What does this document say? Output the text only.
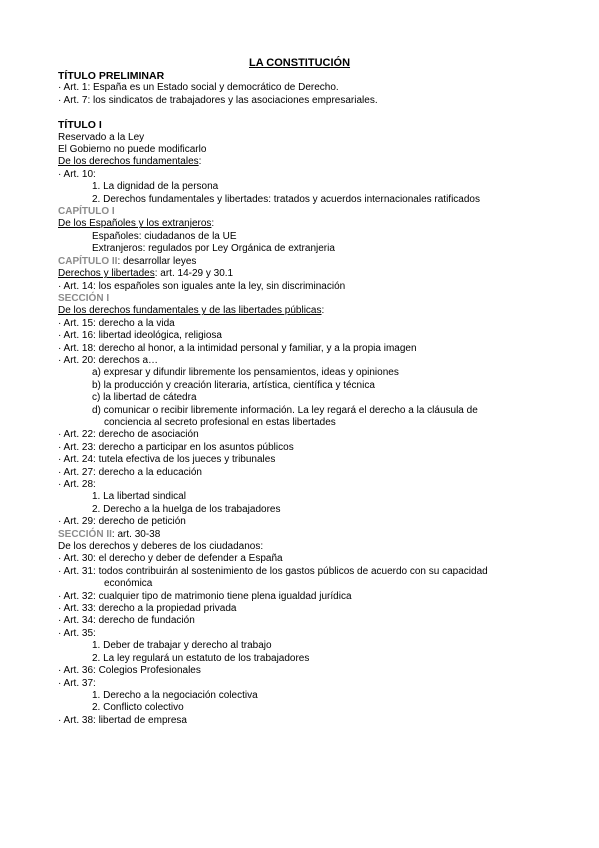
LA CONSTITUCIÓN
TÍTULO PRELIMINAR
· Art. 1: España es un Estado social y democrático de Derecho.
· Art. 7: los sindicatos de trabajadores y las asociaciones empresariales.
TÍTULO I
Reservado a la Ley
El Gobierno no puede modificarlo
De los derechos fundamentales:
· Art. 10:
1. La dignidad de la persona
2. Derechos fundamentales y libertades: tratados y acuerdos internacionales ratificados
CAPÍTULO I
De los Españoles y los extranjeros:
Españoles: ciudadanos de la UE
Extranjeros: regulados por Ley Orgánica de extranjeria
CAPÍTULO II: desarrollar leyes
Derechos y libertades: art. 14-29 y 30.1
· Art. 14: los españoles son iguales ante la ley, sin discriminación
SECCIÓN I
De los derechos fundamentales y de las libertades públicas:
· Art. 15: derecho a la vida
· Art. 16: libertad ideológica, religiosa
· Art. 18: derecho al honor, a la intimidad personal y familiar, y a la propia imagen
· Art. 20: derechos a…
a) expresar y difundir libremente los pensamientos, ideas y opiniones
b) la producción y creación literaria, artística, científica y técnica
c) la libertad de cátedra
d) comunicar o recibir libremente información. La ley regará el derecho a la cláusula de
conciencia al secreto profesional en estas libertades
· Art. 22: derecho de asociación
· Art. 23: derecho a participar en los asuntos públicos
· Art. 24: tutela efectiva de los jueces y tribunales
· Art. 27: derecho a la educación
· Art. 28:
1. La libertad sindical
2. Derecho a la huelga de los trabajadores
· Art. 29: derecho de petición
SECCIÓN II: art. 30-38
De los derechos y deberes de los ciudadanos:
· Art. 30: el derecho y deber de defender a España
· Art. 31: todos contribuirán al sostenimiento de los gastos públicos de acuerdo con su capacidad
económica
· Art. 32: cualquier tipo de matrimonio tiene plena igualdad jurídica
· Art. 33: derecho a la propiedad privada
· Art. 34: derecho de fundación
· Art. 35:
1. Deber de trabajar y derecho al trabajo
2. La ley regulará un estatuto de los trabajadores
· Art. 36: Colegios Profesionales
· Art. 37:
1. Derecho a la negociación colectiva
2. Conflicto colectivo
· Art. 38: libertad de empresa
